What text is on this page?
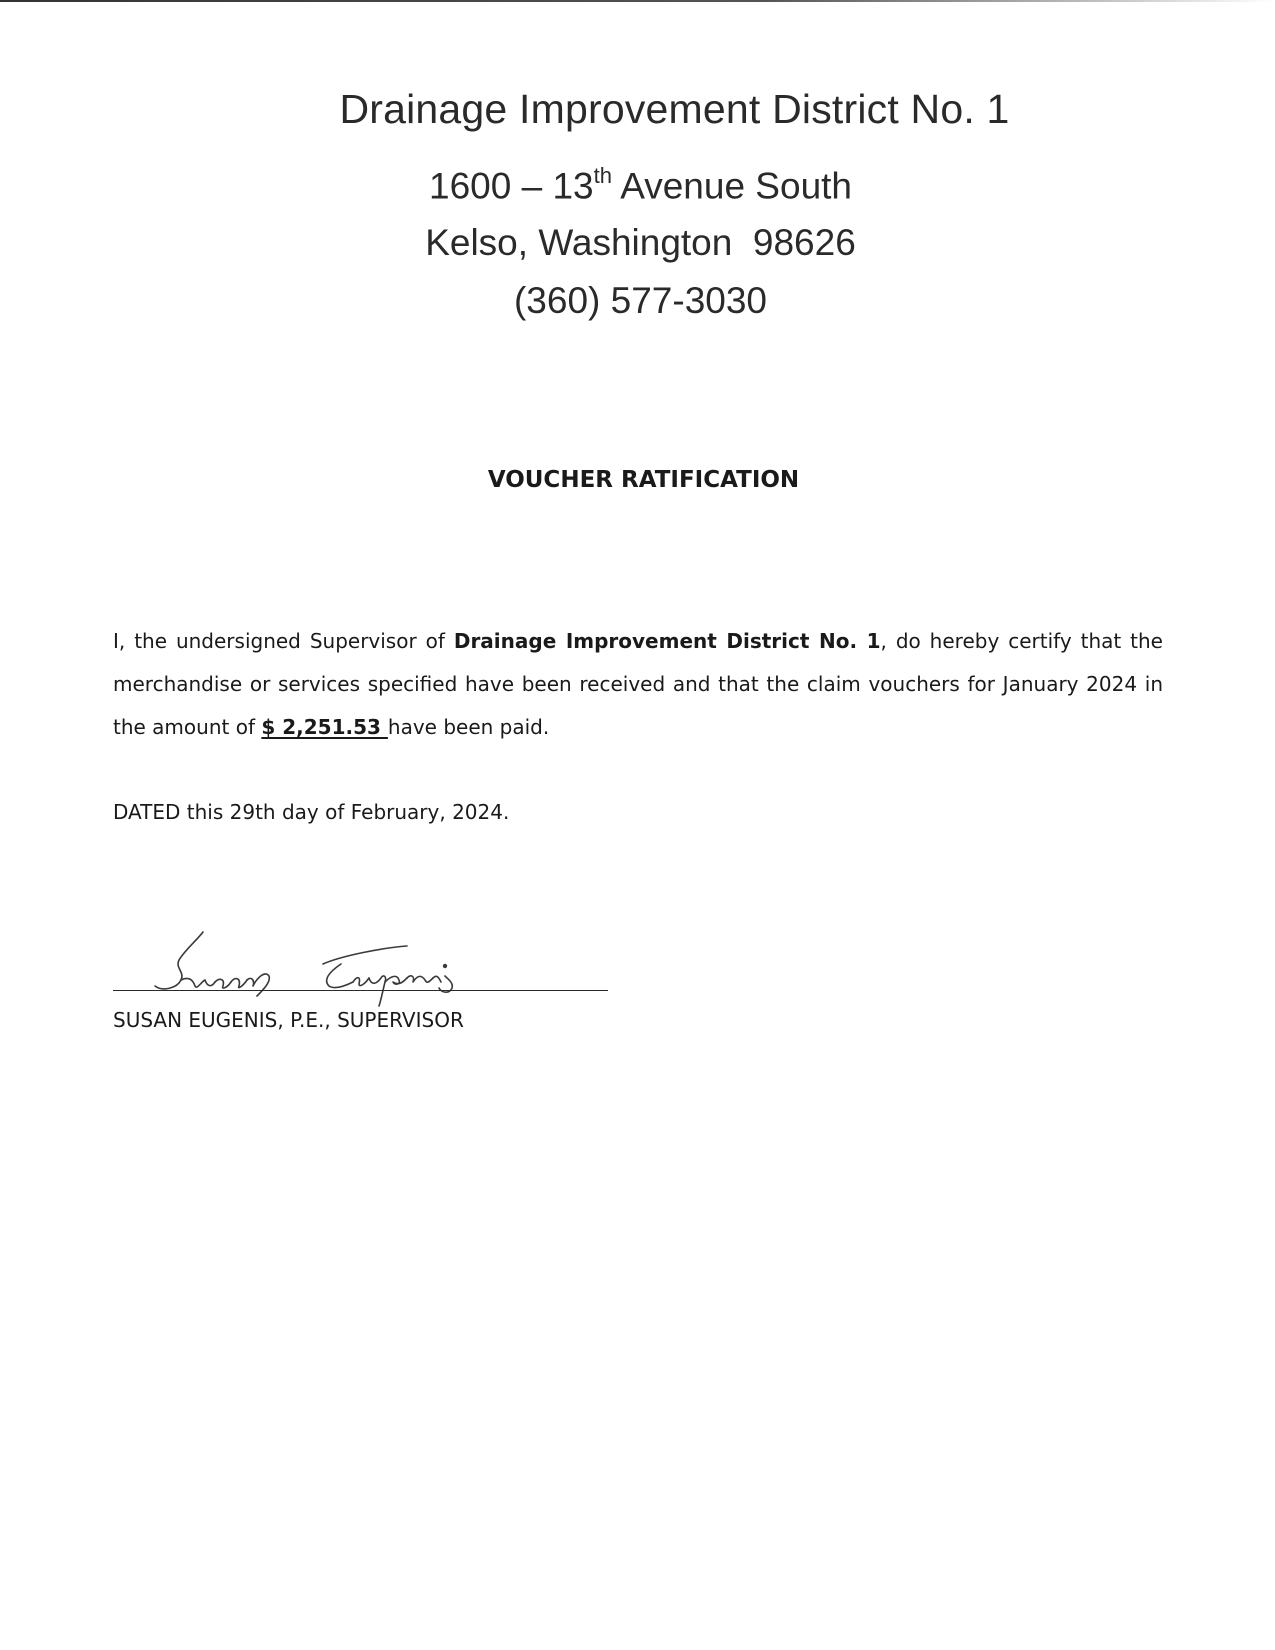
Drainage Improvement District No. 1
1600 – 13th Avenue South
Kelso, Washington  98626
(360) 577-3030
VOUCHER RATIFICATION
I, the undersigned Supervisor of Drainage Improvement District No. 1, do hereby certify that the merchandise or services specified have been received and that the claim vouchers for January 2024 in the amount of $ 2,251.53 have been paid.
DATED this 29th day of February, 2024.
SUSAN EUGENIS, P.E., SUPERVISOR
